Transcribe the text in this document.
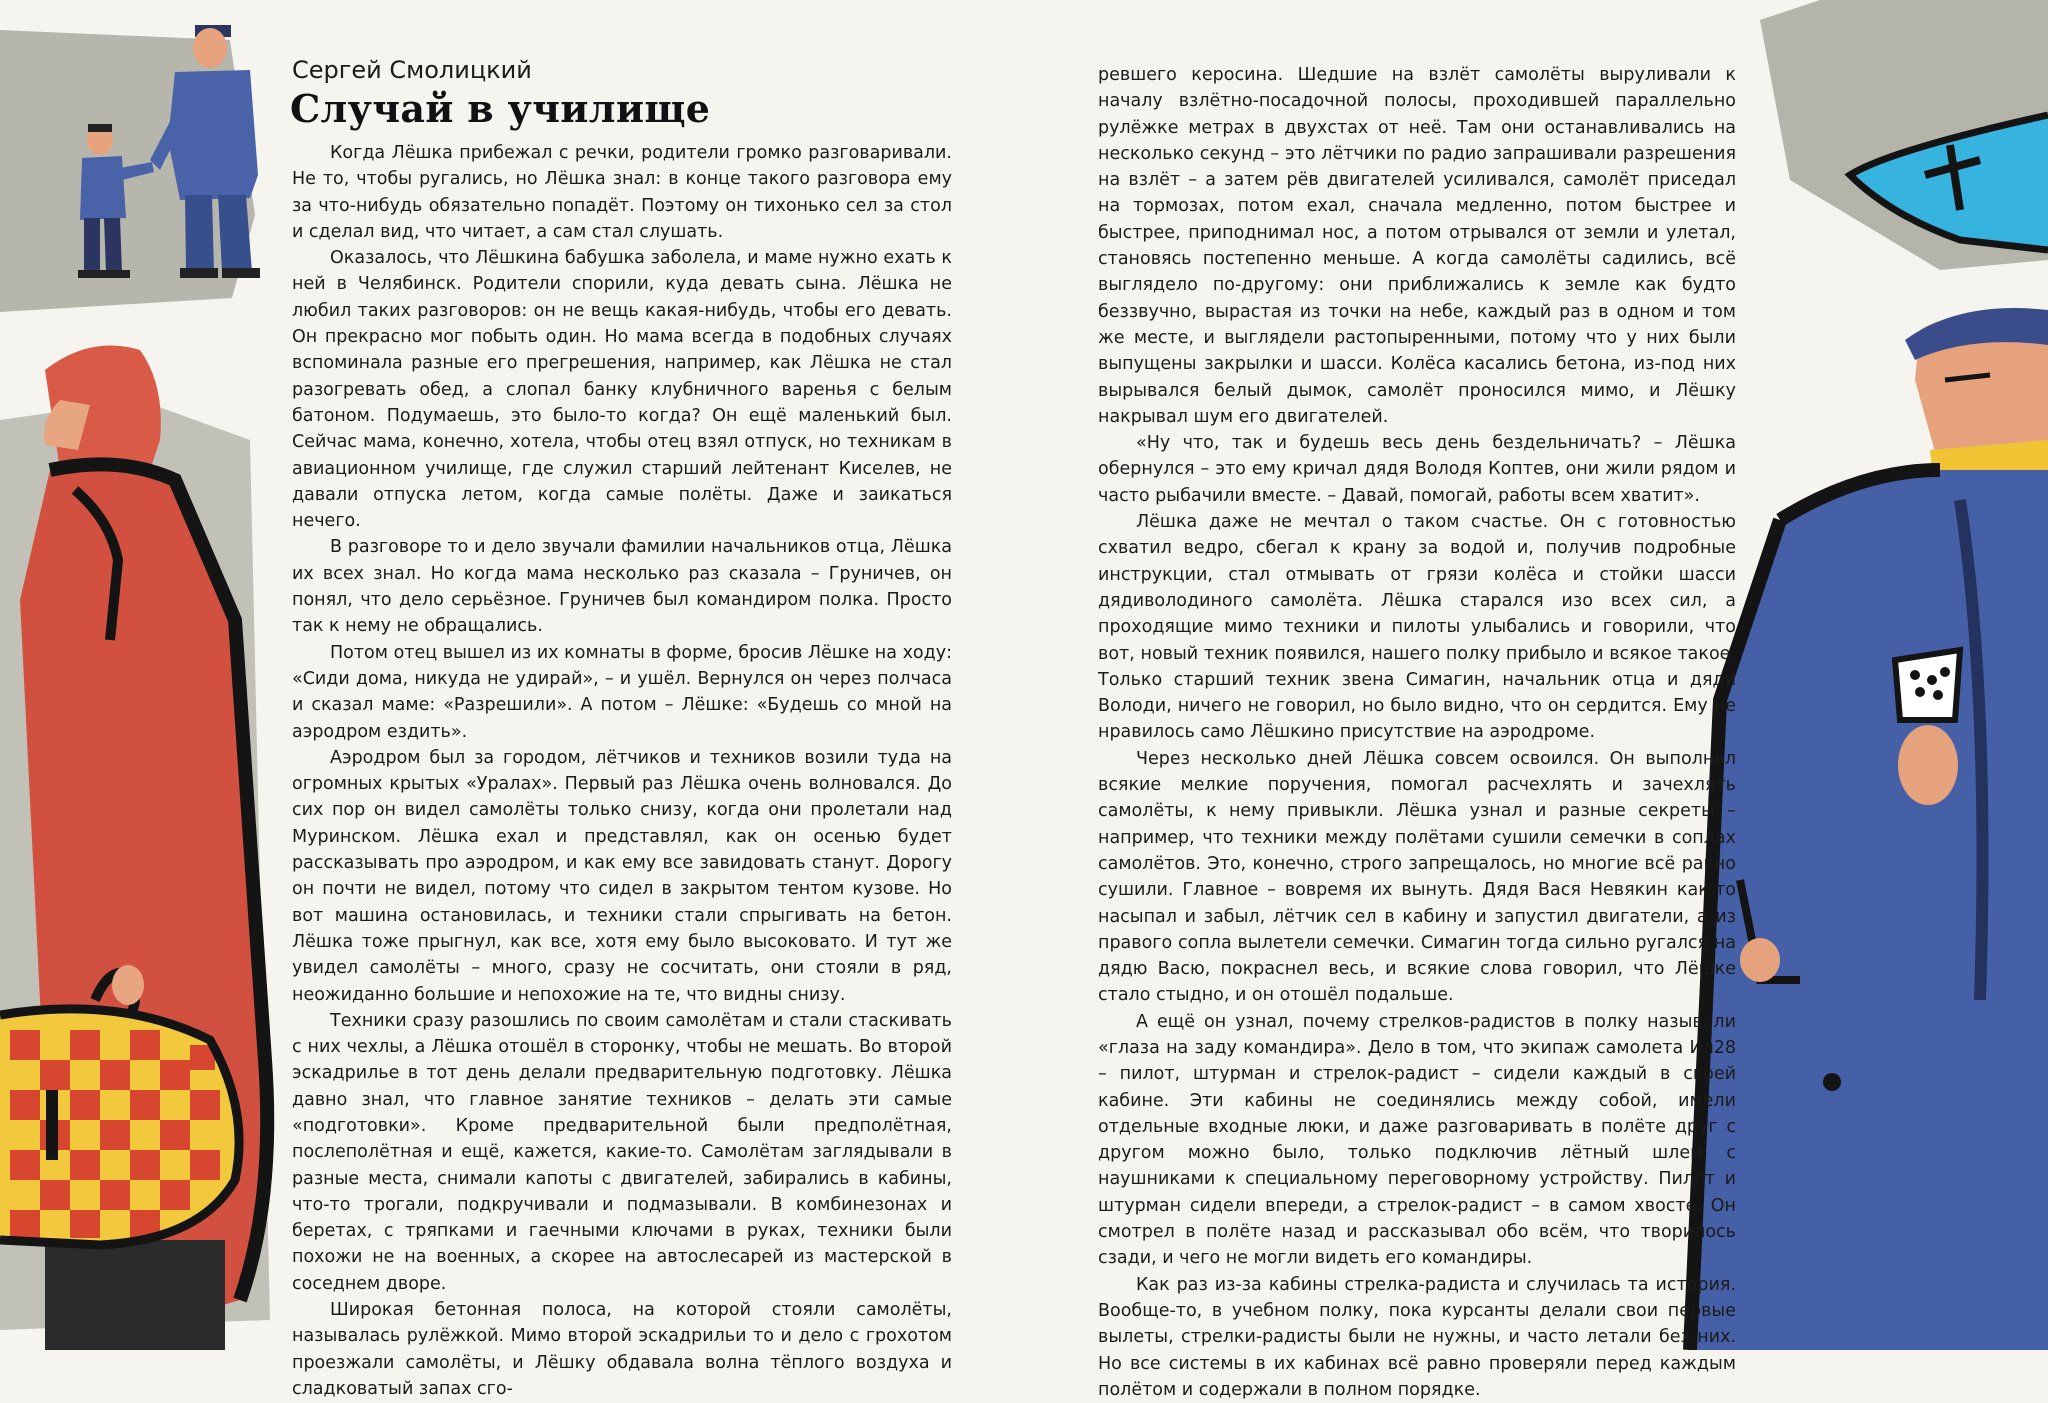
Сергей Смолицкий
Случай в училище

Когда Лёшка прибежал с речки, родители громко разговаривали. Не то, чтобы ругались, но Лёшка знал: в конце такого разговора ему за что-нибудь обязательно попадёт. Поэтому он тихонько сел за стол и сделал вид, что читает, а сам стал слушать.

Оказалось, что Лёшкина бабушка заболела, и маме нужно ехать к ней в Челябинск. Родители спорили, куда девать сына. Лёшка не любил таких разговоров: он не вещь какая-нибудь, чтобы его девать. Он прекрасно мог побыть один. Но мама всегда в подобных случаях вспоминала разные его прегрешения, например, как Лёшка не стал разогревать обед, а слопал банку клубничного варенья с белым батоном. Подумаешь, это было-то когда? Он ещё маленький был. Сейчас мама, конечно, хотела, чтобы отец взял отпуск, но техникам в авиационном училище, где служил старший лейтенант Киселев, не давали отпуска летом, когда самые полёты. Даже и заикаться нечего.

В разговоре то и дело звучали фамилии начальников отца, Лёшка их всех знал. Но когда мама несколько раз сказала – Груничев, он понял, что дело серьёзное. Груничев был командиром полка. Просто так к нему не обращались.

Потом отец вышел из их комнаты в форме, бросив Лёшке на ходу: «Сиди дома, никуда не удирай», – и ушёл. Вернулся он через полчаса и сказал маме: «Разрешили». А потом – Лёшке: «Будешь со мной на аэродром ездить».

Аэродром был за городом, лётчиков и техников возили туда на огромных крытых «Уралах». Первый раз Лёшка очень волновался. До сих пор он видел самолёты только снизу, когда они пролетали над Муринском. Лёшка ехал и представлял, как он осенью будет рассказывать про аэродром, и как ему все завидовать станут. Дорогу он почти не видел, потому что сидел в закрытом тентом кузове. Но вот машина остановилась, и техники стали спрыгивать на бетон. Лёшка тоже прыгнул, как все, хотя ему было высоковато. И тут же увидел самолёты – много, сразу не сосчитать, они стояли в ряд, неожиданно большие и непохожие на те, что видны снизу.

Техники сразу разошлись по своим самолётам и стали стаскивать с них чехлы, а Лёшка отошёл в сторонку, чтобы не мешать. Во второй эскадрилье в тот день делали предварительную подготовку. Лёшка давно знал, что главное занятие техников – делать эти самые «подготовки». Кроме предварительной были предполётная, послеполётная и ещё, кажется, какие-то. Самолётам заглядывали в разные места, снимали капоты с двигателей, забирались в кабины, что-то трогали, подкручивали и подмазывали. В комбинезонах и беретах, с тряпками и гаечными ключами в руках, техники были похожи не на военных, а скорее на автослесарей из мастерской в соседнем дворе.

Широкая бетонная полоса, на которой стояли самолёты, называлась рулёжкой. Мимо второй эскадрильи то и дело с грохотом проезжали самолёты, и Лёшку обдавала волна тёплого воздуха и сладковатый запах сго-

ревшего керосина. Шедшие на взлёт самолёты выруливали к началу взлётно-посадочной полосы, проходившей параллельно рулёжке метрах в двухстах от неё. Там они останавливались на несколько секунд – это лётчики по радио запрашивали разрешения на взлёт – а затем рёв двигателей усиливался, самолёт приседал на тормозах, потом ехал, сначала медленно, потом быстрее и быстрее, приподнимал нос, а потом отрывался от земли и улетал, становясь постепенно меньше. А когда самолёты садились, всё выглядело по-другому: они приближались к земле как будто беззвучно, вырастая из точки на небе, каждый раз в одном и том же месте, и выглядели растопыренными, потому что у них были выпущены закрылки и шасси. Колёса касались бетона, из-под них вырывался белый дымок, самолёт проносился мимо, и Лёшку накрывал шум его двигателей.

«Ну что, так и будешь весь день бездельничать? – Лёшка обернулся – это ему кричал дядя Володя Коптев, они жили рядом и часто рыбачили вместе. – Давай, помогай, работы всем хватит».

Лёшка даже не мечтал о таком счастье. Он с готовностью схватил ведро, сбегал к крану за водой и, получив подробные инструкции, стал отмывать от грязи колёса и стойки шасси дядиволодиного самолёта. Лёшка старался изо всех сил, а проходящие мимо техники и пилоты улыбались и говорили, что вот, новый техник появился, нашего полку прибыло и всякое такое. Только старший техник звена Симагин, начальник отца и дяди Володи, ничего не говорил, но было видно, что он сердится. Ему не нравилось само Лёшкино присутствие на аэродроме.

Через несколько дней Лёшка совсем освоился. Он выполнял всякие мелкие поручения, помогал расчехлять и зачехлять самолёты, к нему привыкли. Лёшка узнал и разные секреты – например, что техники между полётами сушили семечки в соплах самолётов. Это, конечно, строго запрещалось, но многие всё равно сушили. Главное – вовремя их вынуть. Дядя Вася Невякин как-то насыпал и забыл, лётчик сел в кабину и запустил двигатели, а из правого сопла вылетели семечки. Симагин тогда сильно ругался на дядю Васю, покраснел весь, и всякие слова говорил, что Лёшке стало стыдно, и он отошёл подальше.

А ещё он узнал, почему стрелков-радистов в полку называли «глаза на заду командира». Дело в том, что экипаж самолета Ил28 – пилот, штурман и стрелок-радист – сидели каждый в своей кабине. Эти кабины не соединялись между собой, имели отдельные входные люки, и даже разговаривать в полёте друг с другом можно было, только подключив лётный шлем с наушниками к специальному переговорному устройству. Пилот и штурман сидели впереди, а стрелок-радист – в самом хвосте. Он смотрел в полёте назад и рассказывал обо всём, что творилось сзади, и чего не могли видеть его командиры.

Как раз из-за кабины стрелка-радиста и случилась та история. Вообще-то, в учебном полку, пока курсанты делали свои первые вылеты, стрелки-радисты были не нужны, и часто летали без них. Но все системы в их кабинах всё равно проверяли перед каждым полётом и содержали в полном порядке.

58
